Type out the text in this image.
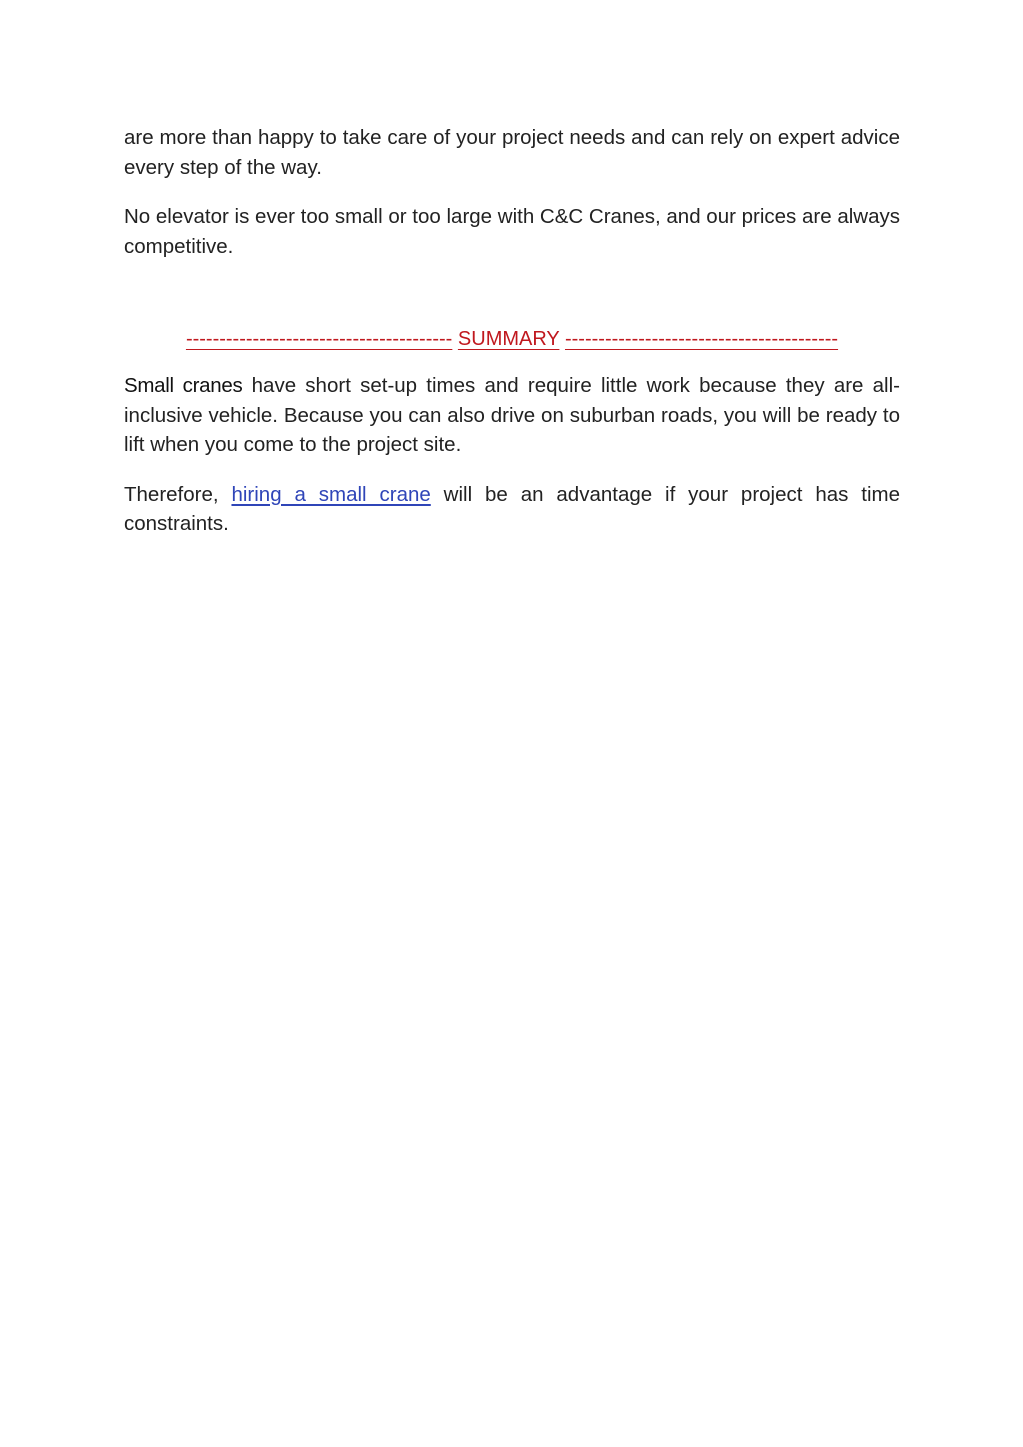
are more than happy to take care of your project needs and can rely on expert advice every step of the way.

No elevator is ever too small or too large with C&C Cranes, and our prices are always competitive.

---------------------------------------- SUMMARY -----------------------------------------

Small cranes have short set-up times and require little work because they are all-inclusive vehicle. Because you can also drive on suburban roads, you will be ready to lift when you come to the project site.

Therefore, hiring a small crane will be an advantage if your project has time constraints.
